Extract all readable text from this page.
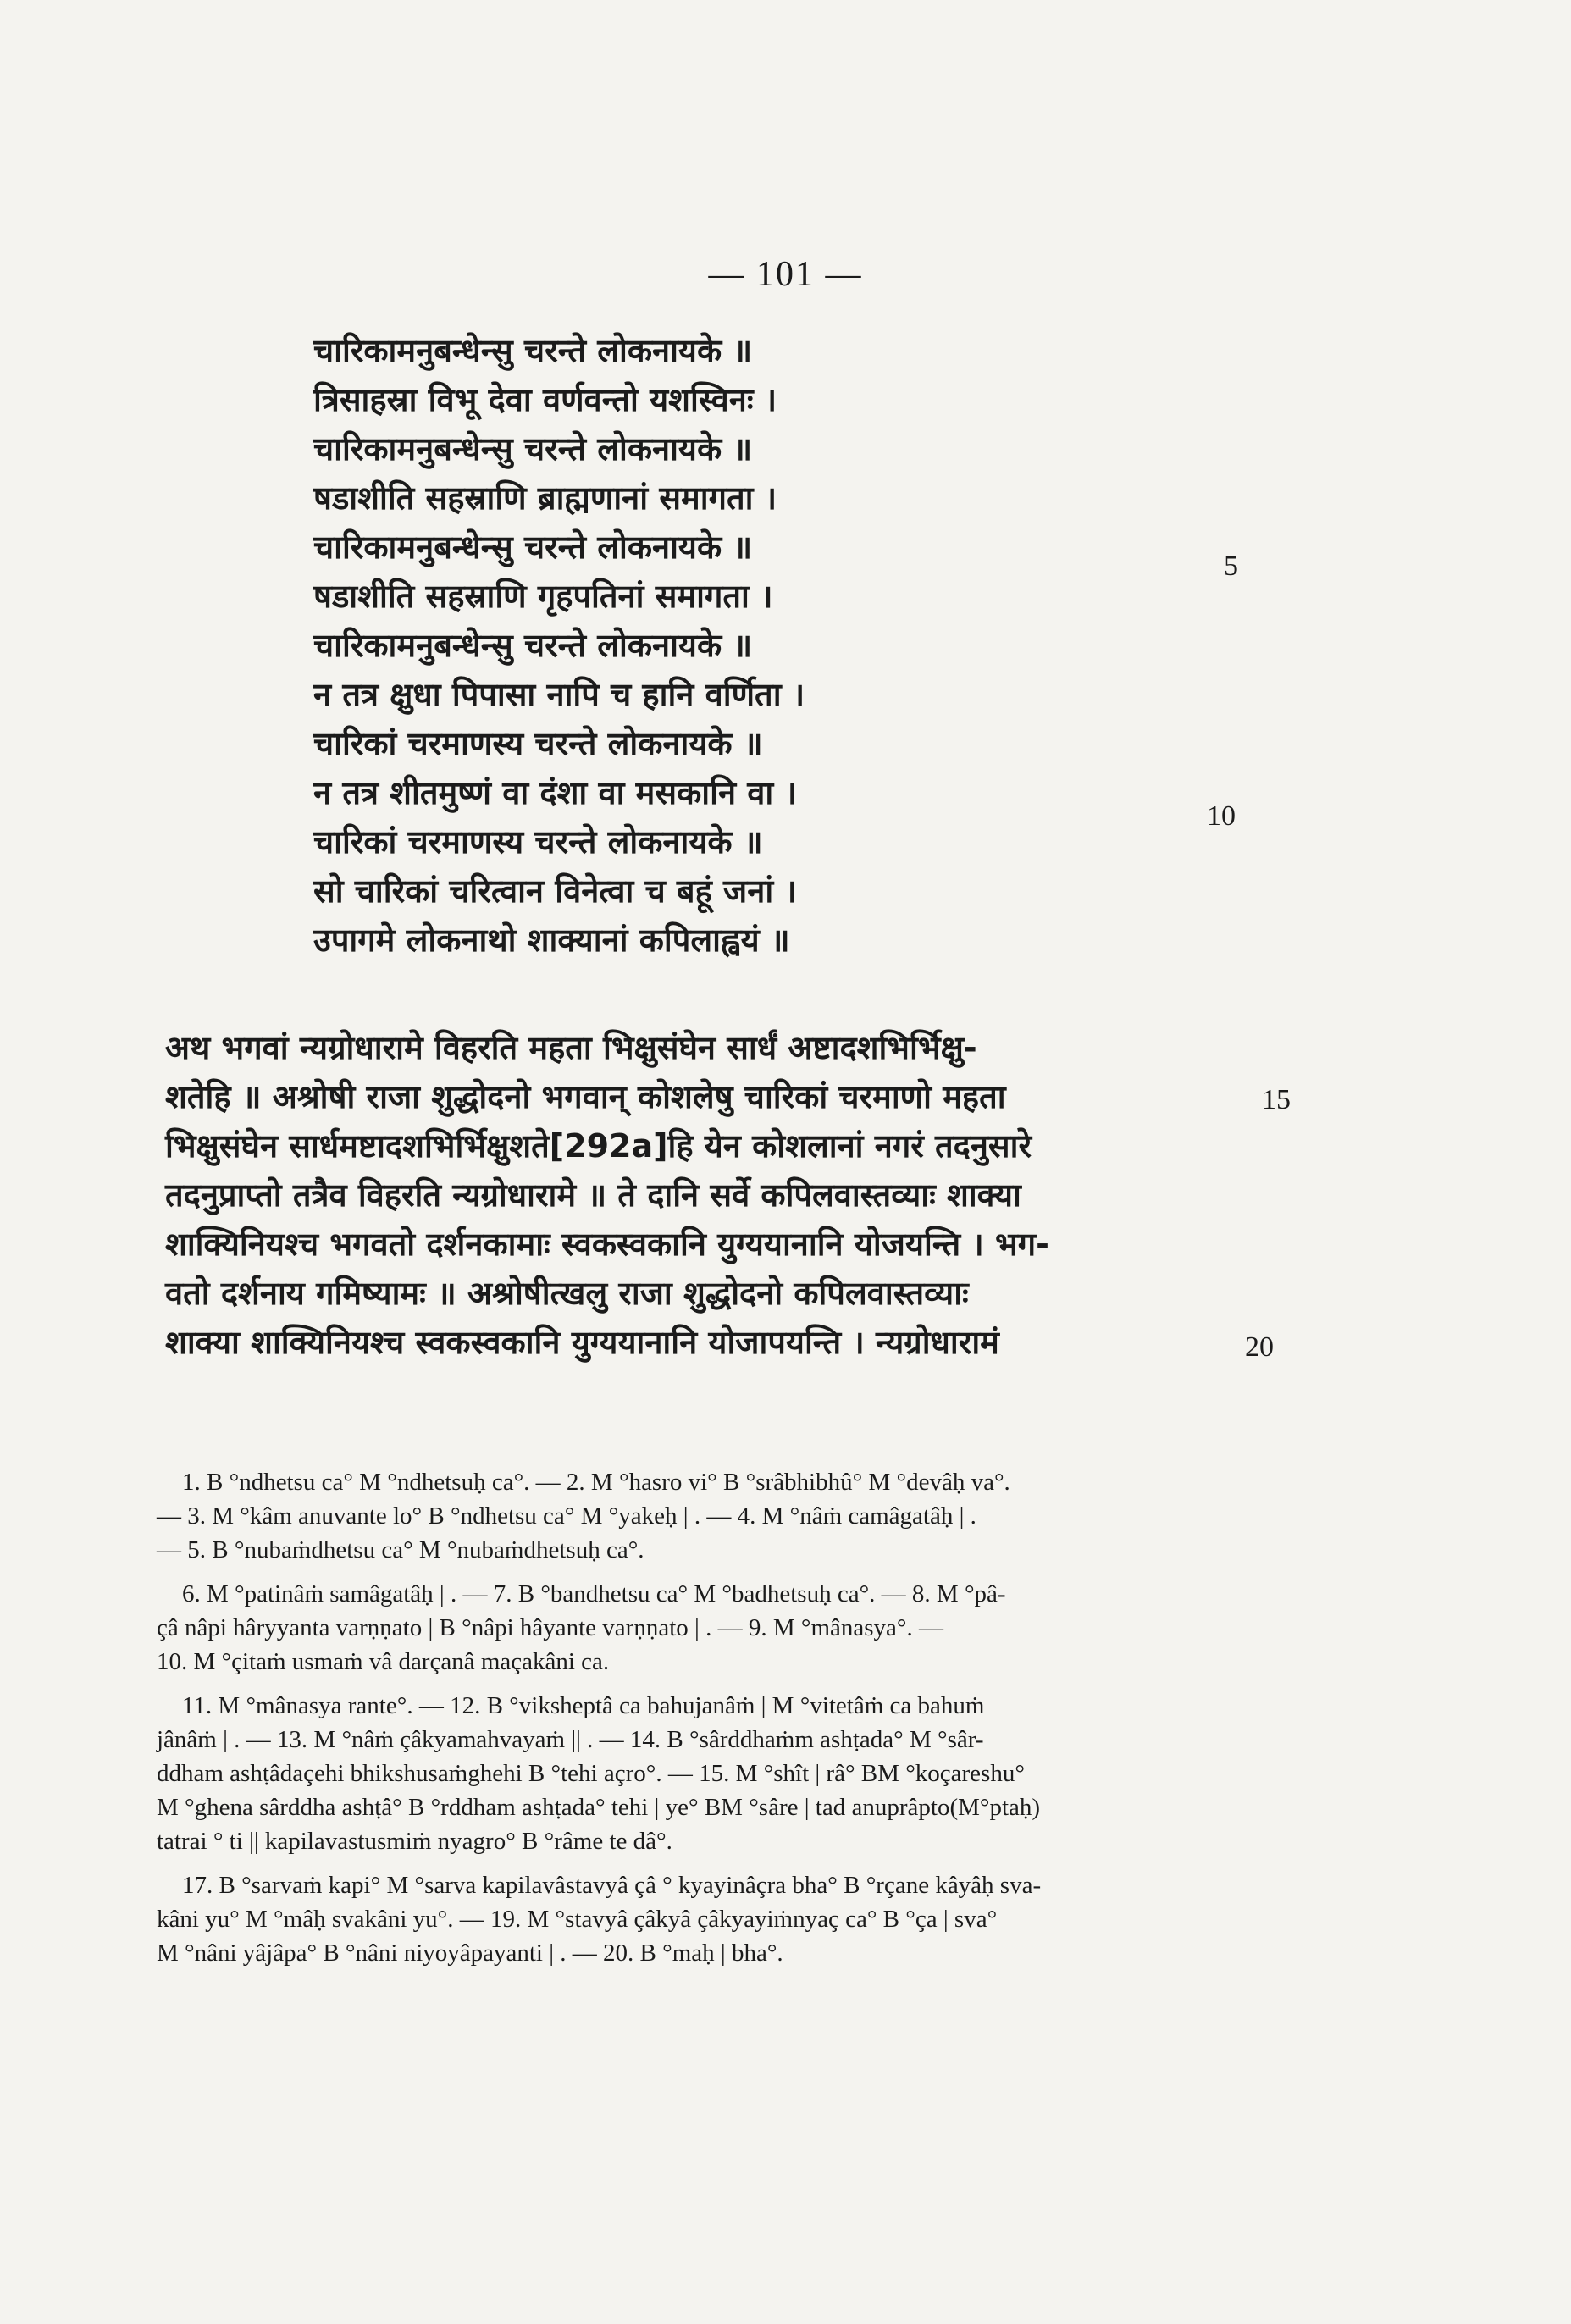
— 101 —
चारिकामनुबन्धेन्सु चरन्ते लोकनायके ॥
त्रिसाहस्रा विभू देवा वर्णवन्तो यशस्विनः ।
चारिकामनुबन्धेन्सु चरन्ते लोकनायके ॥
षडाशीति सहस्राणि ब्राह्मणानां समागता ।
चारिकामनुबन्धेन्सु चरन्ते लोकनायके ॥
षडाशीति सहस्राणि गृहपतिनां समागता ।
चारिकामनुबन्धेन्सु चरन्ते लोकनायके ॥
न तत्र क्षुधा पिपासा नापि च हानि वर्णिता ।
चारिकां चरमाणस्य चरन्ते लोकनायके ॥
न तत्र शीतमुष्णं वा दंशा वा मसकानि वा ।
चारिकां चरमाणस्य चरन्ते लोकनायके ॥
सो चारिकां चरित्वान विनेत्वा च बहूं जनां ।
उपागमे लोकनाथो शाक्यानां कपिलाह्वयं ॥
5
10
अथ भगवां न्यग्रोधारामे विहरति महता भिक्षुसंघेन सार्धं अष्टादशभिर्भिक्षु-
शतेहि ॥ अश्रोषी राजा शुद्धोदनो भगवान् कोशलेषु चारिकां चरमाणो महता
भिक्षुसंघेन सार्धमष्टादशभिर्भिक्षुशते[292a]हि येन कोशलानां नगरं तदनुसारे
तदनुप्राप्तो तत्रैव विहरति न्यग्रोधारामे ॥ ते दानि सर्वे कपिलवास्तव्याः शाक्या
शाक्यिनियश्च भगवतो दर्शनकामाः स्वकस्वकानि युग्ययानानि योजयन्ति । भग-
वतो दर्शनाय गमिष्यामः ॥ अश्रोषीत्खलु राजा शुद्धोदनो कपिलवास्तव्याः
शाक्या शाक्यिनियश्च स्वकस्वकानि युग्ययानानि योजापयन्ति । न्यग्रोधारामं
15
20
1. B °ndhetsu ca° M °ndhetsuḥ ca°. — 2. M °hasro vi° B °srâbhibhû° M °devâḥ va°.
— 3. M °kâm anuvante lo° B °ndhetsu ca° M °yakeḥ | . — 4. M °nâṁ camâgatâḥ | .
— 5. B °nubaṁdhetsu ca° M °nubaṁdhetsuḥ ca°.
6. M °patinâṁ samâgatâḥ | . — 7. B °bandhetsu ca° M °badhetsuḥ ca°. — 8. M °pâ-
çâ nâpi hâryyanta varṇṇato | B °nâpi hâyante varṇṇato | . — 9. M °mânasya°. —
10. M °çitaṁ usmaṁ vâ darçanâ maçakâni ca.
11. M °mânasya rante°. — 12. B °viksheptâ ca bahujanâṁ | M °vitetâṁ ca bahuṁ
jânâṁ | . — 13. M °nâṁ çâkyamahvayaṁ || . — 14. B °sârddhaṁm ashṭada° M °sâr-
ddham ashṭâdaçehi bhikshusaṁghehi B °tehi açro°. — 15. M °shît | râ° BM °koçareshu°
M °ghena sârddha ashṭâ° B °rddham ashṭada° tehi | ye° BM °sâre | tad anuprâpto(M°ptaḥ)
tatrai ° ti || kapilavastusmiṁ nyagro° B °râme te dâ°.
17. B °sarvaṁ kapi° M °sarva kapilavâstavyâ çâ ° kyayinâçra bha° B °rçane kâyâḥ sva-
kâni yu° M °mâḥ svakâni yu°. — 19. M °stavyâ çâkyâ çâkyayiṁnyaç ca° B °ça | sva°
M °nâni yâjâpa° B °nâni niyoyâpayanti | . — 20. B °maḥ | bha°.
